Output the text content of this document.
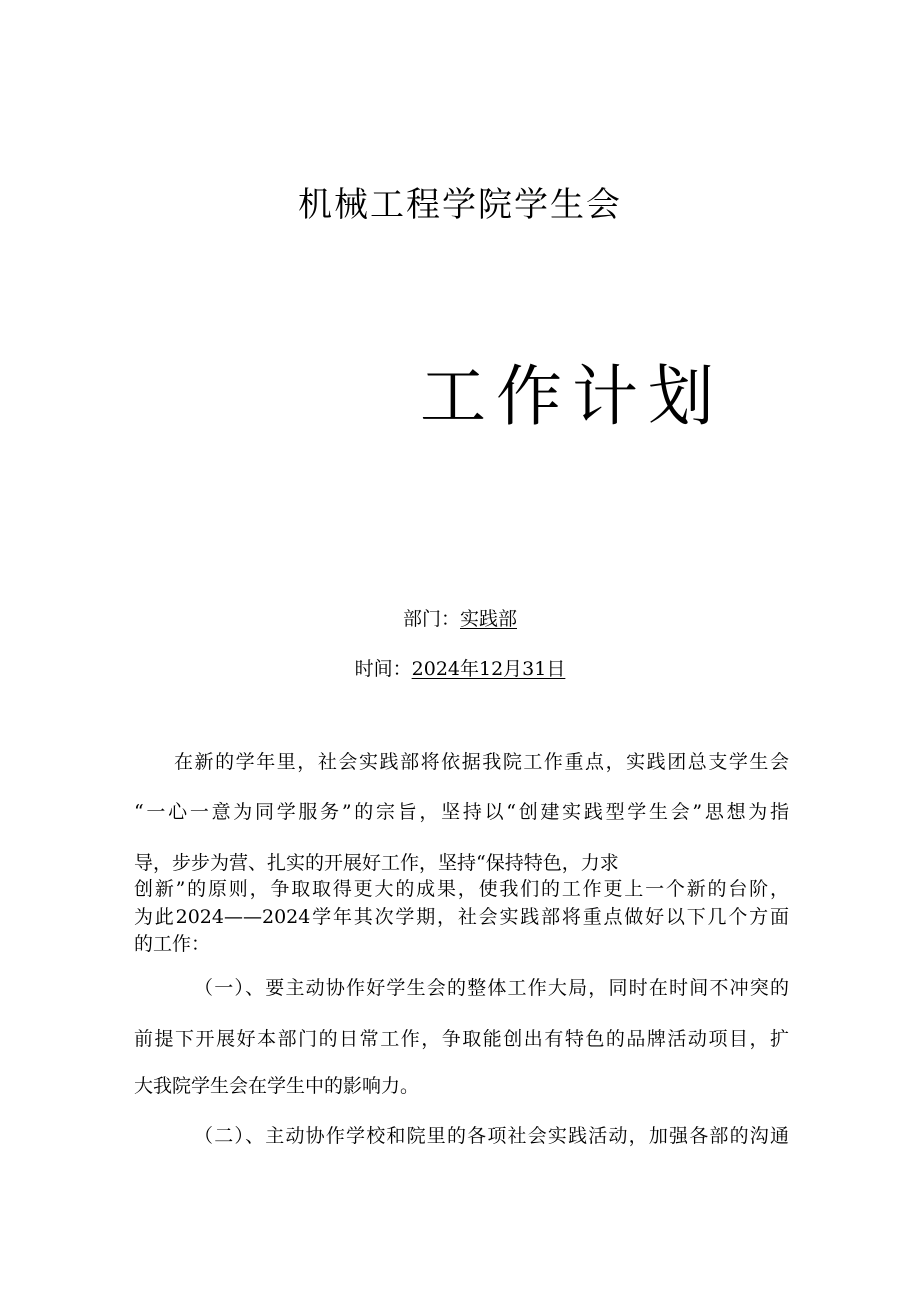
机械工程学院学生会
工作计划
部门：实践部
时间：2024年12月31日
在新的学年里，社会实践部将依据我院工作重点，实践团总支学生会
“一心一意为同学服务”的宗旨，坚持以“创建实践型学生会”思想为指
导，步步为营、扎实的开展好工作，坚持“保持特色，力求
创新”的原则，争取取得更大的成果，使我们的工作更上一个新的台阶，
为此2024——2024学年其次学期，社会实践部将重点做好以下几个方面
的工作：
（一）、要主动协作好学生会的整体工作大局，同时在时间不冲突的
前提下开展好本部门的日常工作，争取能创出有特色的品牌活动项目，扩
大我院学生会在学生中的影响力。
（二）、主动协作学校和院里的各项社会实践活动，加强各部的沟通
